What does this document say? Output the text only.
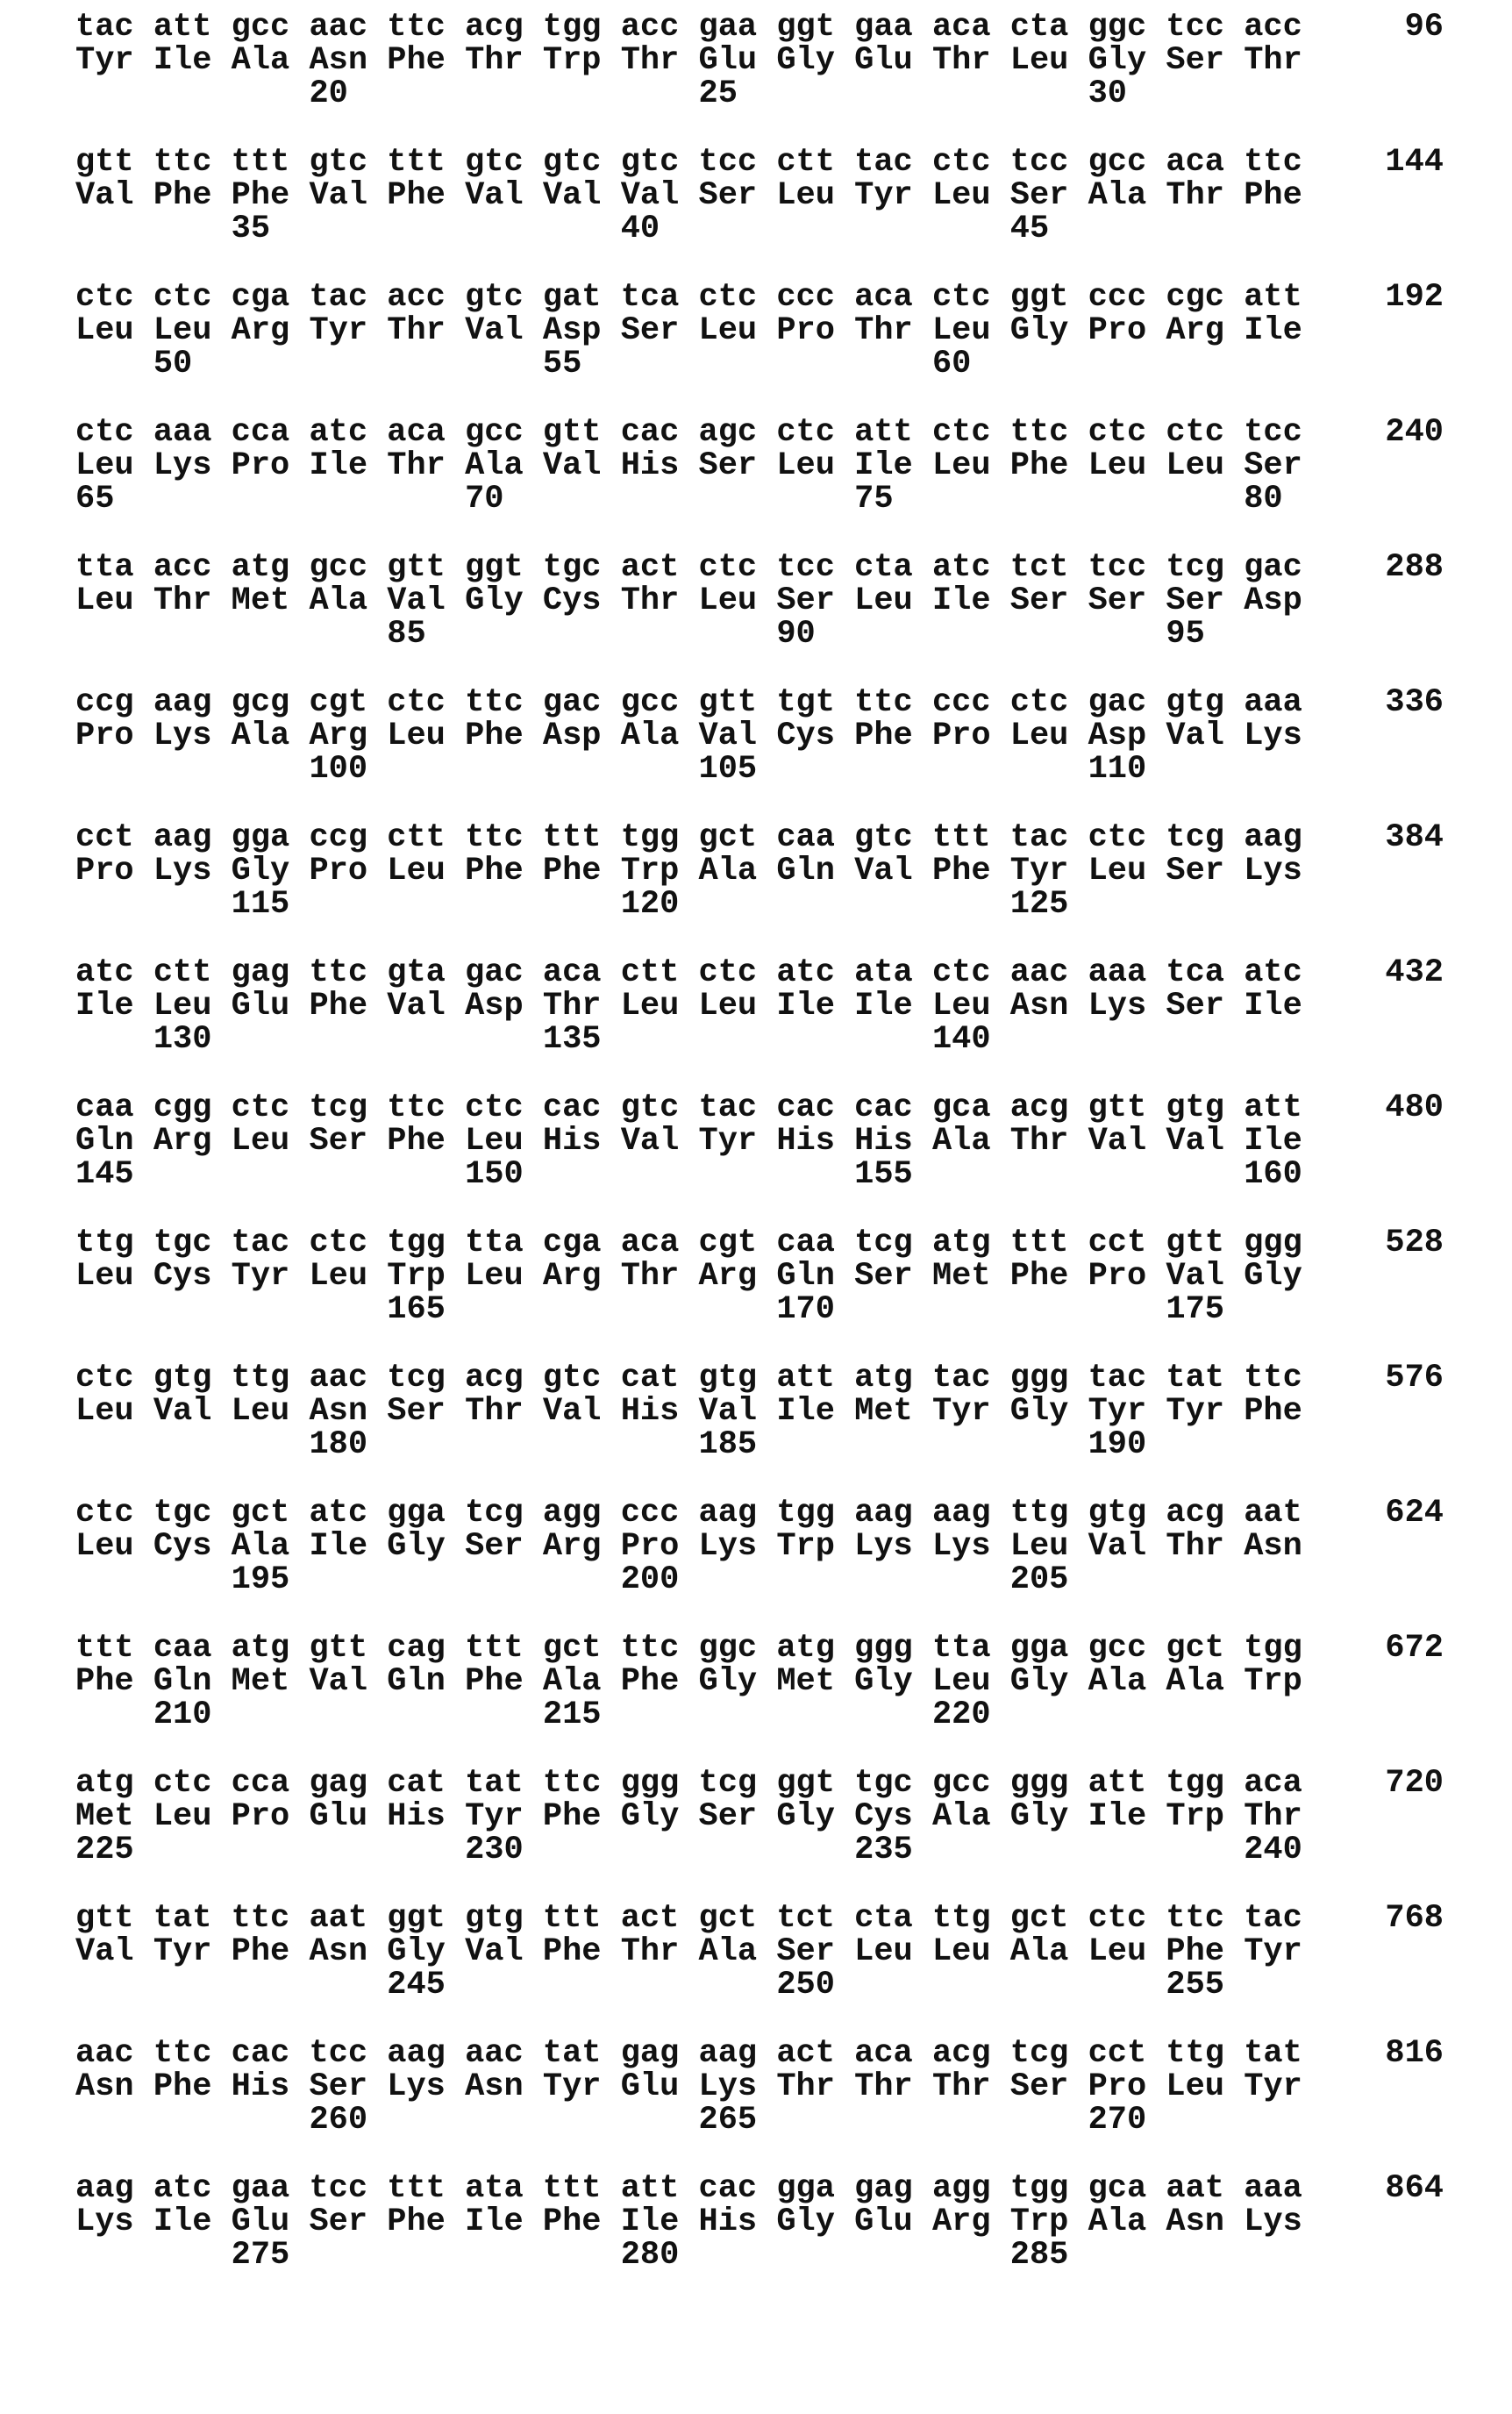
tac att gcc aac ttc acg tgg acc gaa ggt gaa aca cta ggc tcc acc
Tyr Ile Ala Asn Phe Thr Trp Thr Glu Gly Glu Thr Leu Gly Ser Thr
96
20                  25                  30
gtt ttc ttt gtc ttt gtc gtc gtc tcc ctt tac ctc tcc gcc aca ttc
Val Phe Phe Val Phe Val Val Val Ser Leu Tyr Leu Ser Ala Thr Phe
144
35                  40                  45
ctc ctc cga tac acc gtc gat tca ctc ccc aca ctc ggt ccc cgc att
Leu Leu Arg Tyr Thr Val Asp Ser Leu Pro Thr Leu Gly Pro Arg Ile
192
50                  55                  60
ctc aaa cca atc aca gcc gtt cac agc ctc att ctc ttc ctc ctc tcc
Leu Lys Pro Ile Thr Ala Val His Ser Leu Ile Leu Phe Leu Leu Ser
240
65                  70                  75                  80
tta acc atg gcc gtt ggt tgc act ctc tcc cta atc tct tcc tcg gac
Leu Thr Met Ala Val Gly Cys Thr Leu Ser Leu Ile Ser Ser Ser Asp
288
85                  90                  95
ccg aag gcg cgt ctc ttc gac gcc gtt tgt ttc ccc ctc gac gtg aaa
Pro Lys Ala Arg Leu Phe Asp Ala Val Cys Phe Pro Leu Asp Val Lys
336
100                 105                 110
cct aag gga ccg ctt ttc ttt tgg gct caa gtc ttt tac ctc tcg aag
Pro Lys Gly Pro Leu Phe Phe Trp Ala Gln Val Phe Tyr Leu Ser Lys
384
115                 120                 125
atc ctt gag ttc gta gac aca ctt ctc atc ata ctc aac aaa tca atc
Ile Leu Glu Phe Val Asp Thr Leu Leu Ile Ile Leu Asn Lys Ser Ile
432
130                 135                 140
caa cgg ctc tcg ttc ctc cac gtc tac cac cac gca acg gtt gtg att
Gln Arg Leu Ser Phe Leu His Val Tyr His His Ala Thr Val Val Ile
480
145                 150                 155                 160
ttg tgc tac ctc tgg tta cga aca cgt caa tcg atg ttt cct gtt ggg
Leu Cys Tyr Leu Trp Leu Arg Thr Arg Gln Ser Met Phe Pro Val Gly
528
165                 170                 175
ctc gtg ttg aac tcg acg gtc cat gtg att atg tac ggg tac tat ttc
Leu Val Leu Asn Ser Thr Val His Val Ile Met Tyr Gly Tyr Tyr Phe
576
180                 185                 190
ctc tgc gct atc gga tcg agg ccc aag tgg aag aag ttg gtg acg aat
Leu Cys Ala Ile Gly Ser Arg Pro Lys Trp Lys Lys Leu Val Thr Asn
624
195                 200                 205
ttt caa atg gtt cag ttt gct ttc ggc atg ggg tta gga gcc gct tgg
Phe Gln Met Val Gln Phe Ala Phe Gly Met Gly Leu Gly Ala Ala Trp
672
210                 215                 220
atg ctc cca gag cat tat ttc ggg tcg ggt tgc gcc ggg att tgg aca
Met Leu Pro Glu His Tyr Phe Gly Ser Gly Cys Ala Gly Ile Trp Thr
720
225                 230                 235                 240
gtt tat ttc aat ggt gtg ttt act gct tct cta ttg gct ctc ttc tac
Val Tyr Phe Asn Gly Val Phe Thr Ala Ser Leu Leu Ala Leu Phe Tyr
768
245                 250                 255
aac ttc cac tcc aag aac tat gag aag act aca acg tcg cct ttg tat
Asn Phe His Ser Lys Asn Tyr Glu Lys Thr Thr Thr Ser Pro Leu Tyr
816
260                 265                 270
aag atc gaa tcc ttt ata ttt att cac gga gag agg tgg gca aat aaa
Lys Ile Glu Ser Phe Ile Phe Ile His Gly Glu Arg Trp Ala Asn Lys
864
275                 280                 285
